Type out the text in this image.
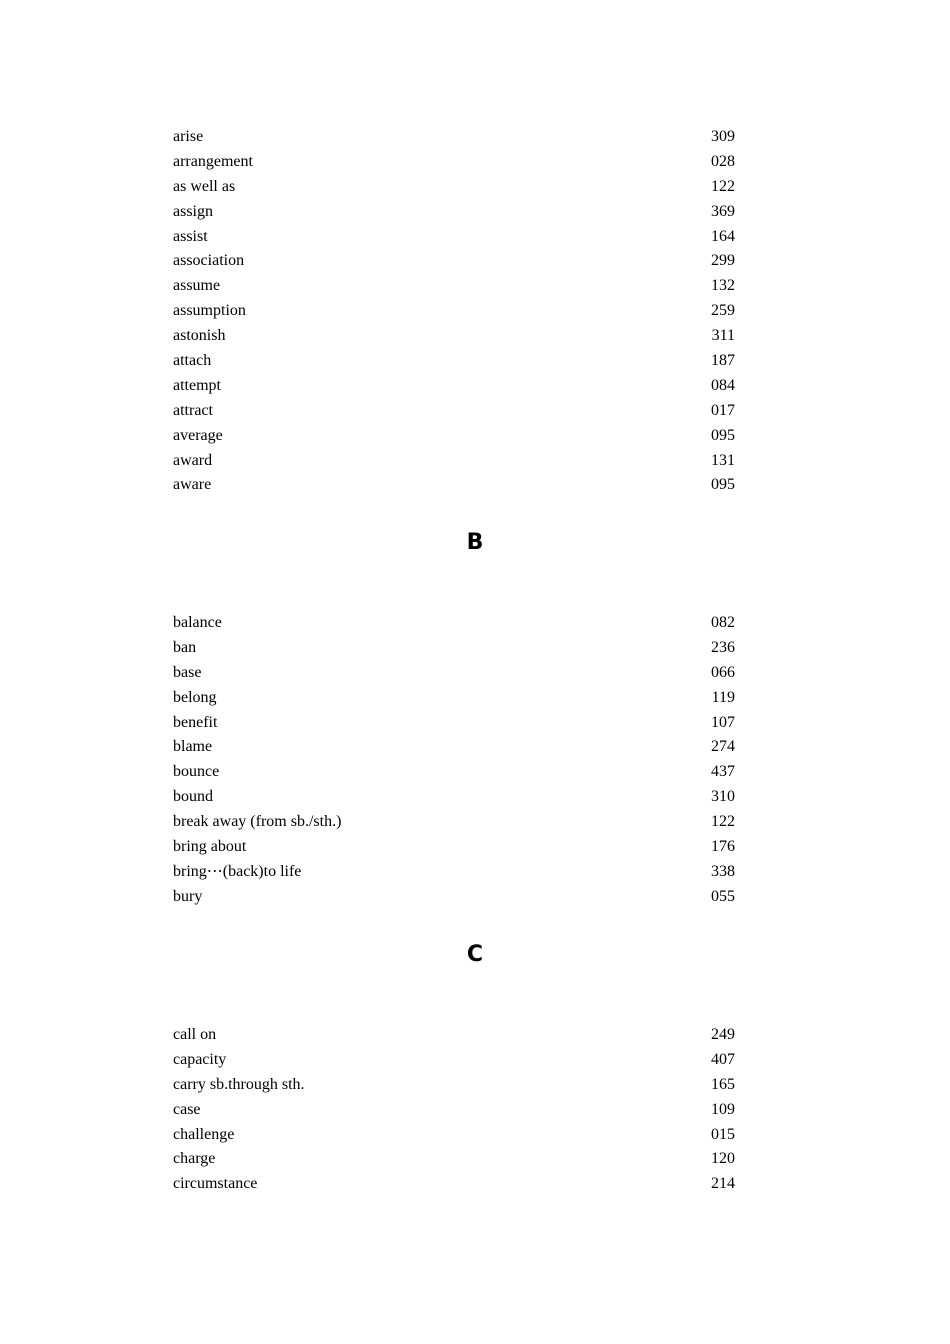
arise	309
arrangement	028
as well as	122
assign	369
assist	164
association	299
assume	132
assumption	259
astonish	311
attach	187
attempt	084
attract	017
average	095
award	131
aware	095
B
balance	082
ban	236
base	066
belong	119
benefit	107
blame	274
bounce	437
bound	310
break away (from sb./sth.)	122
bring about	176
bring⋯(back)to life	338
bury	055
C
call on	249
capacity	407
carry sb.through sth.	165
case	109
challenge	015
charge	120
circumstance	214
